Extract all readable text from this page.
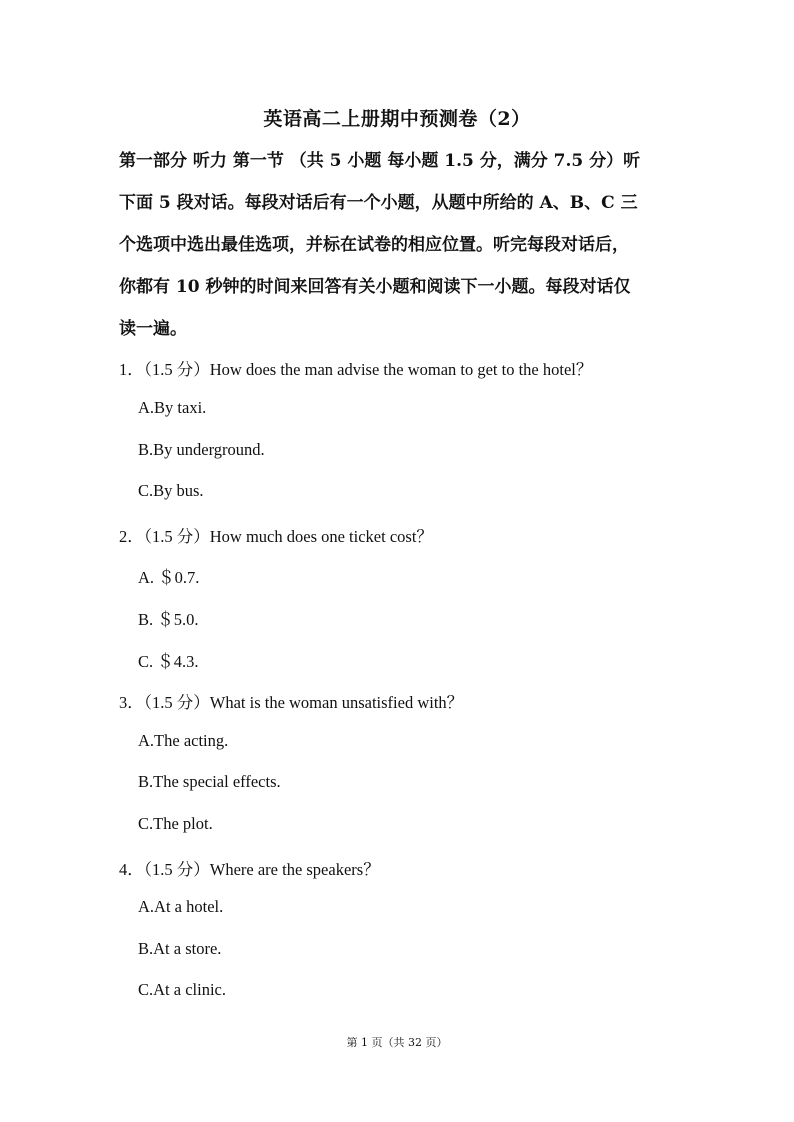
英语高二上册期中预测卷（2）
第一部分 听力 第一节 （共 5 小题 每小题 1.5 分，满分 7.5 分）听
下面 5 段对话。每段对话后有一个小题，从题中所给的 A、B、C 三
个选项中选出最佳选项，并标在试卷的相应位置。听完每段对话后，
你都有 10 秒钟的时间来回答有关小题和阅读下一小题。每段对话仅
读一遍。
1．（1.5 分）How does the man advise the woman to get to the hotel？
A.By taxi.
B.By underground.
C.By bus.
2．（1.5 分）How much does one ticket cost？
A. ＄0.7.
B. ＄5.0.
C. ＄4.3.
3．（1.5 分）What is the woman unsatisfied with？
A.The acting.
B.The special effects.
C.The plot.
4．（1.5 分）Where are the speakers？
A.At a hotel.
B.At a store.
C.At a clinic.
第 1 页（共 32 页）
